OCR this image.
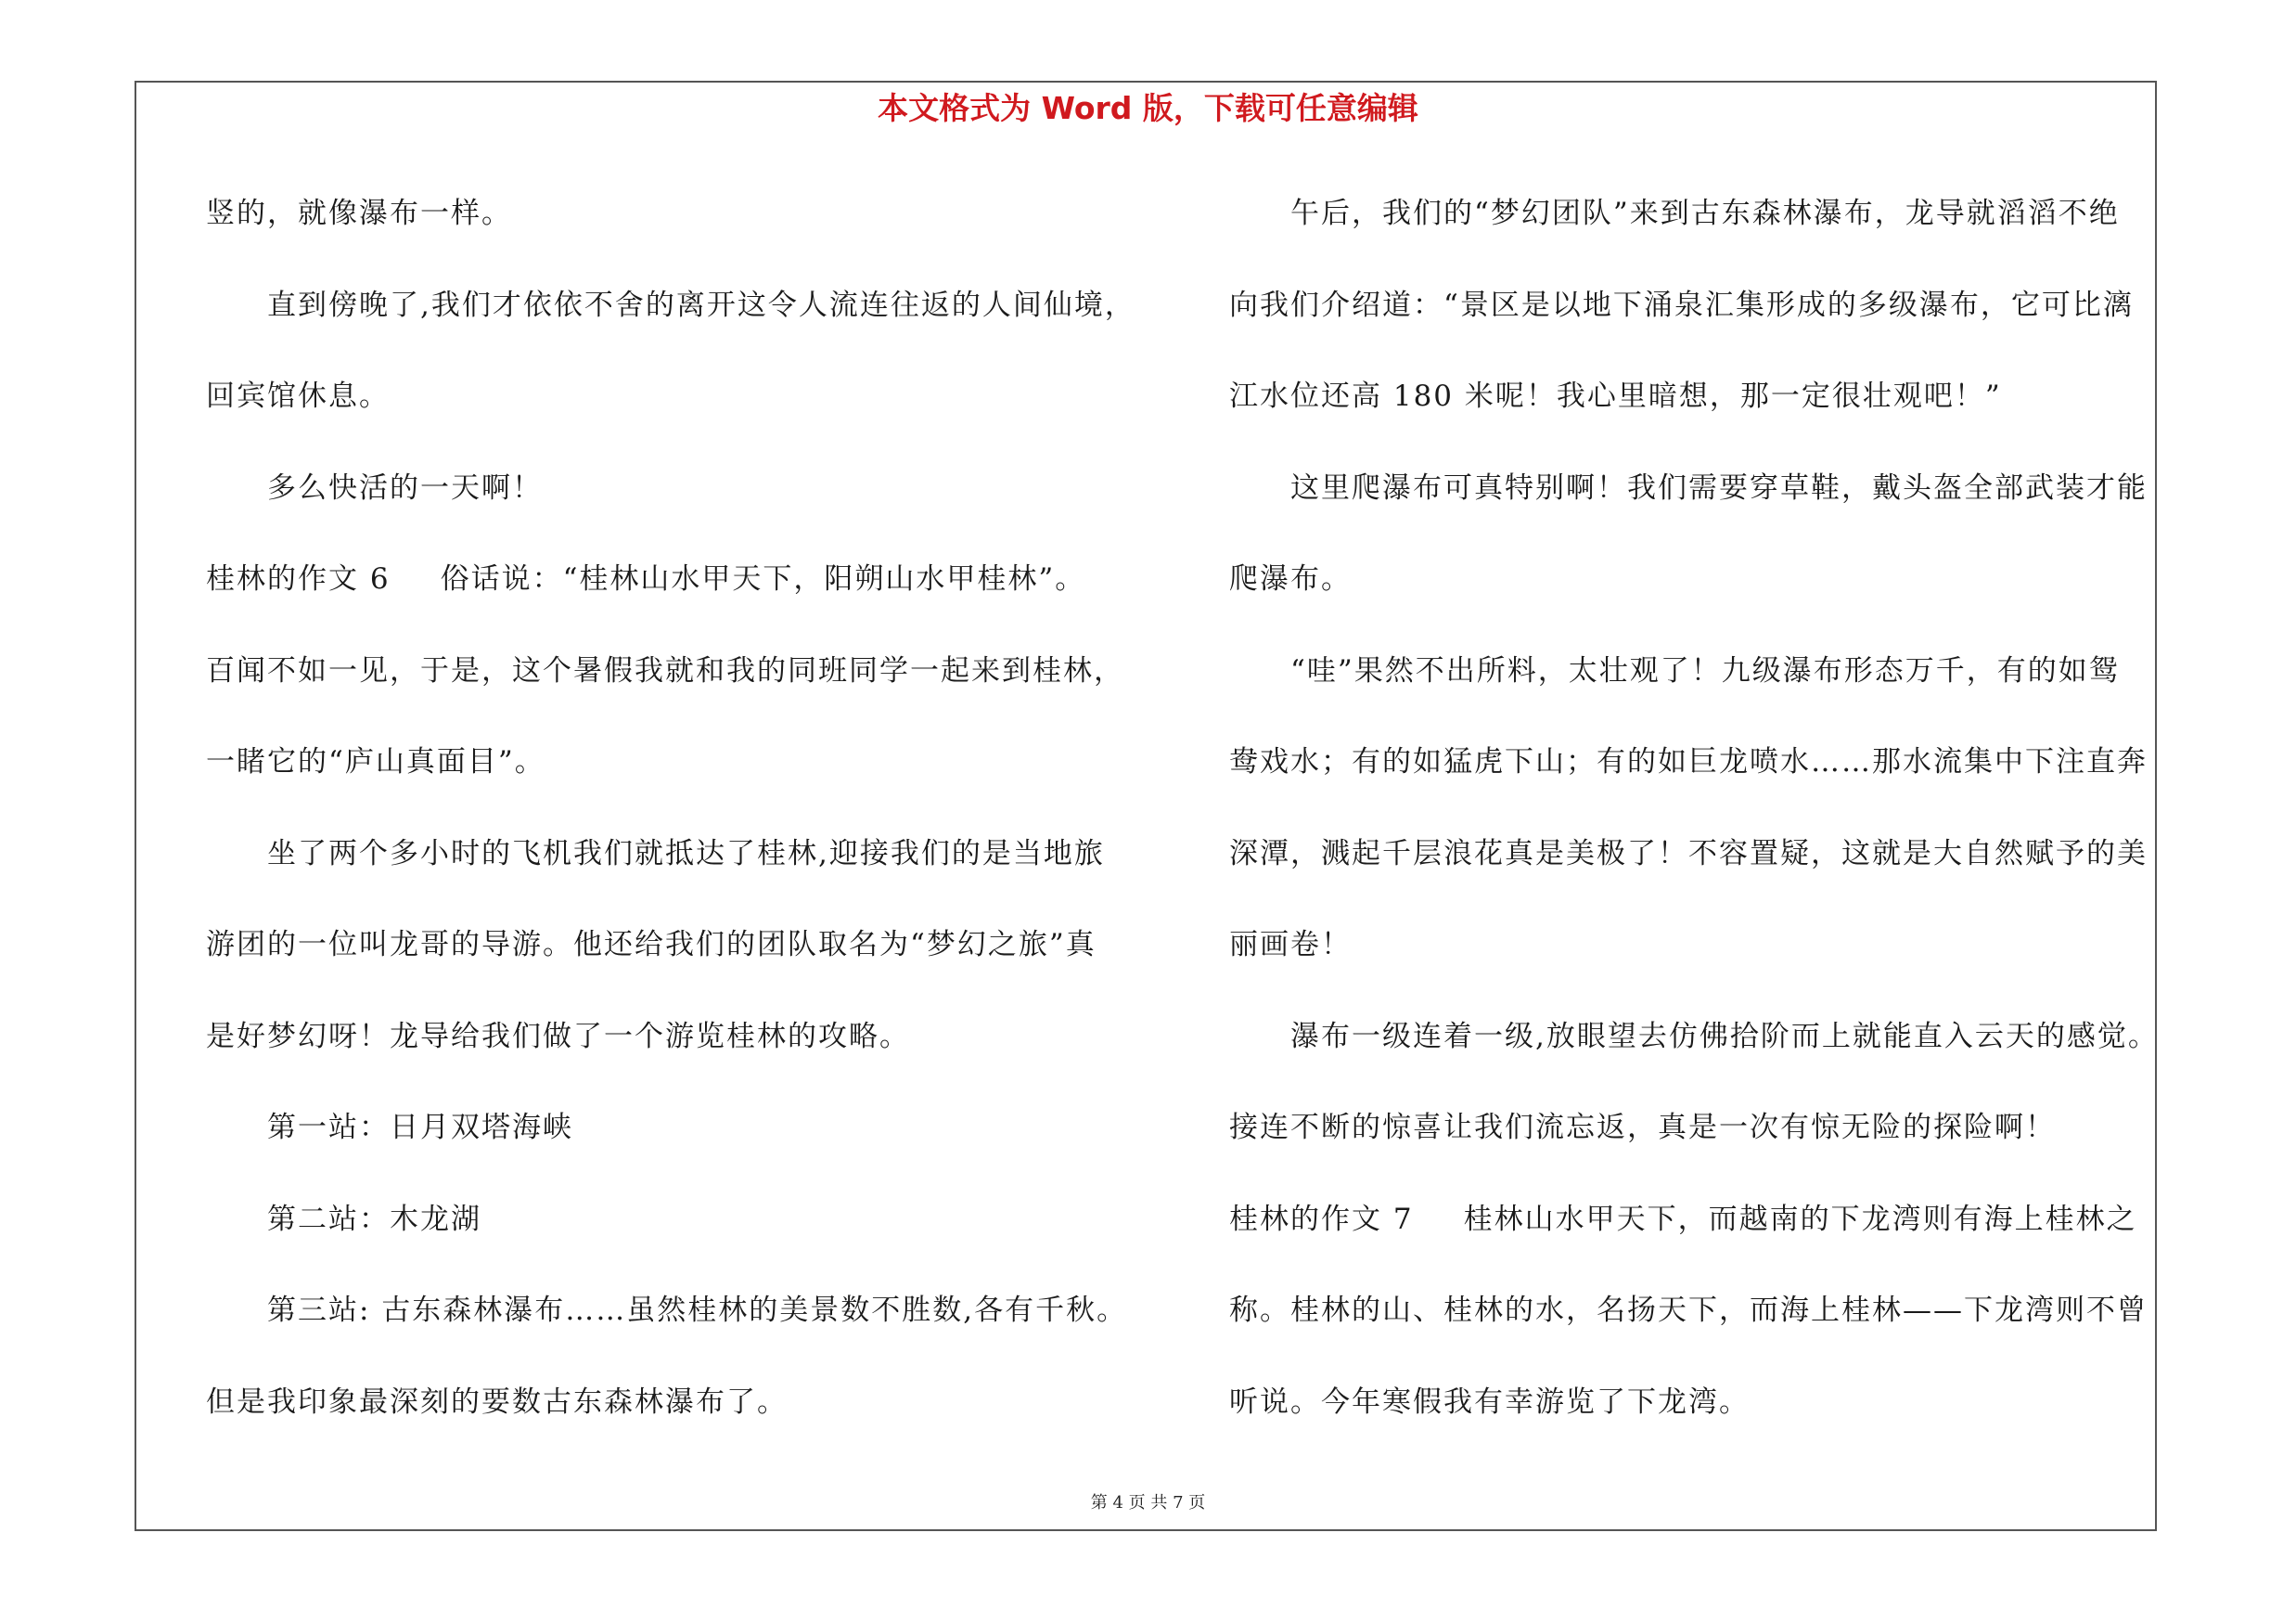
本文格式为 Word 版，下载可任意编辑
竖的，就像瀑布一样。
直到傍晚了,我们才依依不舍的离开这令人流连往返的人间仙境，
回宾馆休息。
多么快活的一天啊！
桂林的作文 6 俗话说：“桂林山水甲天下，阳朔山水甲桂林”。
百闻不如一见，于是，这个暑假我就和我的同班同学一起来到桂林，
一睹它的“庐山真面目”。
坐了两个多小时的飞机我们就抵达了桂林,迎接我们的是当地旅
游团的一位叫龙哥的导游。他还给我们的团队取名为“梦幻之旅”真
是好梦幻呀！龙导给我们做了一个游览桂林的攻略。
第一站：日月双塔海峡
第二站：木龙湖
第三站: 古东森林瀑布……虽然桂林的美景数不胜数,各有千秋。
但是我印象最深刻的要数古东森林瀑布了。
午后，我们的“梦幻团队”来到古东森林瀑布，龙导就滔滔不绝
向我们介绍道：“景区是以地下涌泉汇集形成的多级瀑布，它可比漓
江水位还高 180 米呢！我心里暗想，那一定很壮观吧！”
这里爬瀑布可真特别啊！我们需要穿草鞋，戴头盔全部武装才能
爬瀑布。
“哇”果然不出所料，太壮观了！九级瀑布形态万千，有的如鸳
鸯戏水；有的如猛虎下山；有的如巨龙喷水……那水流集中下注直奔
深潭，溅起千层浪花真是美极了！不容置疑，这就是大自然赋予的美
丽画卷！
瀑布一级连着一级,放眼望去仿佛拾阶而上就能直入云天的感觉。
接连不断的惊喜让我们流忘返，真是一次有惊无险的探险啊！
桂林的作文 7 桂林山水甲天下，而越南的下龙湾则有海上桂林之
称。桂林的山、桂林的水，名扬天下，而海上桂林——下龙湾则不曾
听说。今年寒假我有幸游览了下龙湾。
第 4 页 共 7 页
